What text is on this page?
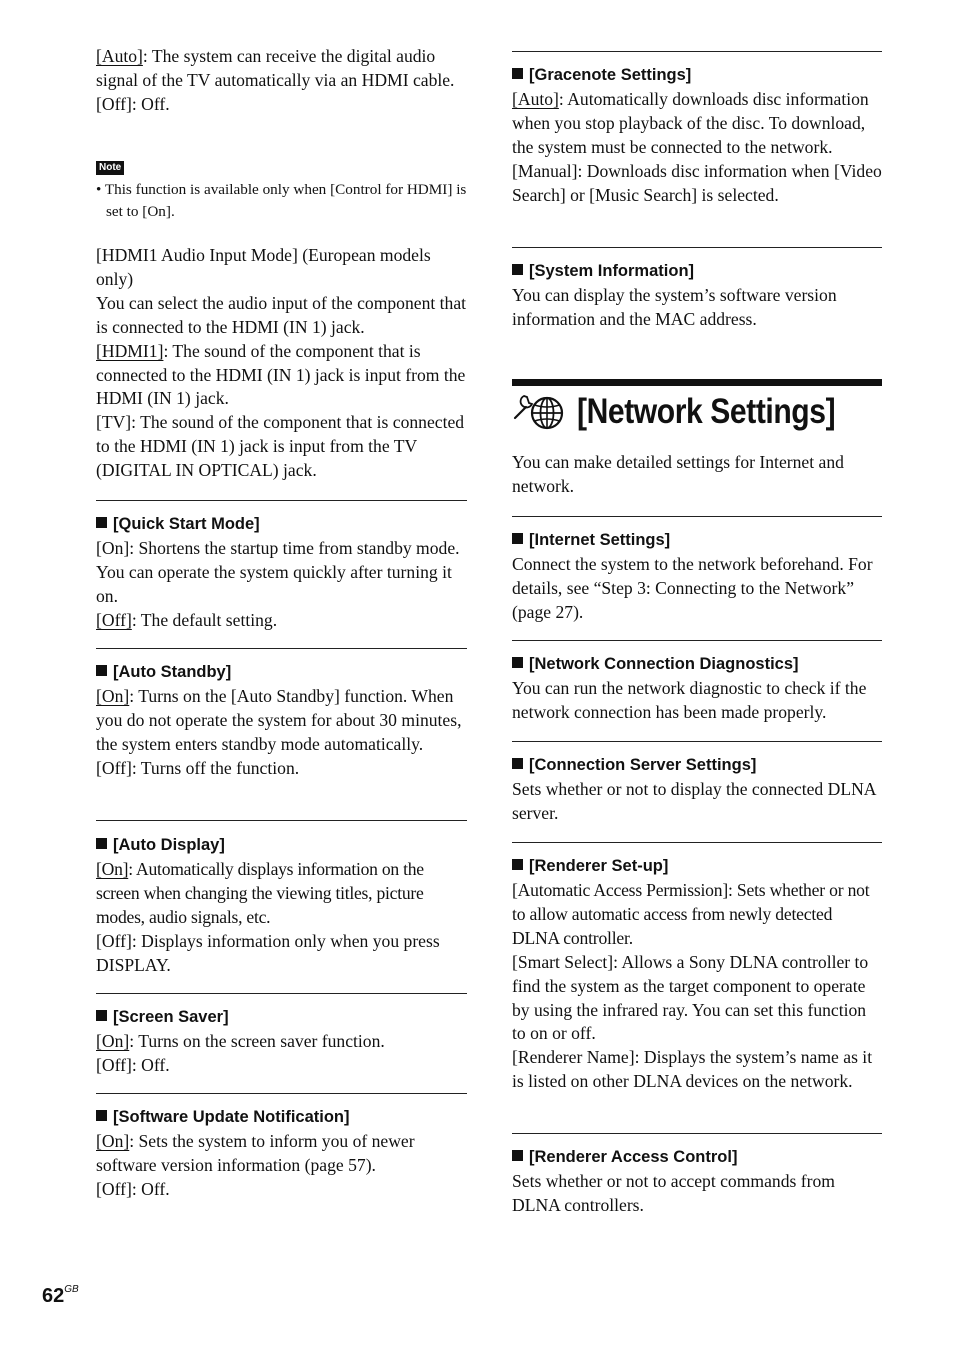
[Auto]: The system can receive the digital audio signal of the TV automatically via an HDMI cable.

[Off]: Off.

Note

• This function is available only when [Control for HDMI] is set to [On].

[HDMI1 Audio Input Mode] (European models only)

You can select the audio input of the component that is connected to the HDMI (IN 1) jack.

[HDMI1]: The sound of the component that is connected to the HDMI (IN 1) jack is input from the HDMI (IN 1) jack.

[TV]: The sound of the component that is connected to the HDMI (IN 1) jack is input from the TV (DIGITAL IN OPTICAL) jack.

[Quick Start Mode]

[On]: Shortens the startup time from standby mode. You can operate the system quickly after turning it on.

[Off]: The default setting.

[Auto Standby]

[On]: Turns on the [Auto Standby] function. When you do not operate the system for about 30 minutes, the system enters standby mode automatically.

[Off]: Turns off the function.

[Auto Display]

[On]: Automatically displays information on the screen when changing the viewing titles, picture modes, audio signals, etc.

[Off]: Displays information only when you press DISPLAY.

[Screen Saver]

[On]: Turns on the screen saver function.

[Off]: Off.

[Software Update Notification]

[On]: Sets the system to inform you of newer software version information (page 57).

[Off]: Off.

[Gracenote Settings]

[Auto]: Automatically downloads disc information when you stop playback of the disc. To download, the system must be connected to the network.

[Manual]: Downloads disc information when [Video Search] or [Music Search] is selected.

[System Information]

You can display the system’s software version information and the MAC address.

[Network Settings]

You can make detailed settings for Internet and network.

[Internet Settings]

Connect the system to the network beforehand. For details, see “Step 3: Connecting to the Network” (page 27).

[Network Connection Diagnostics]

You can run the network diagnostic to check if the network connection has been made properly.

[Connection Server Settings]

Sets whether or not to display the connected DLNA server.

[Renderer Set-up]

[Automatic Access Permission]: Sets whether or not to allow automatic access from newly detected DLNA controller.

[Smart Select]: Allows a Sony DLNA controller to find the system as the target component to operate by using the infrared ray. You can set this function to on or off.

[Renderer Name]: Displays the system’s name as it is listed on other DLNA devices on the network.

[Renderer Access Control]

Sets whether or not to accept commands from DLNA controllers.

$62^{GB}$
